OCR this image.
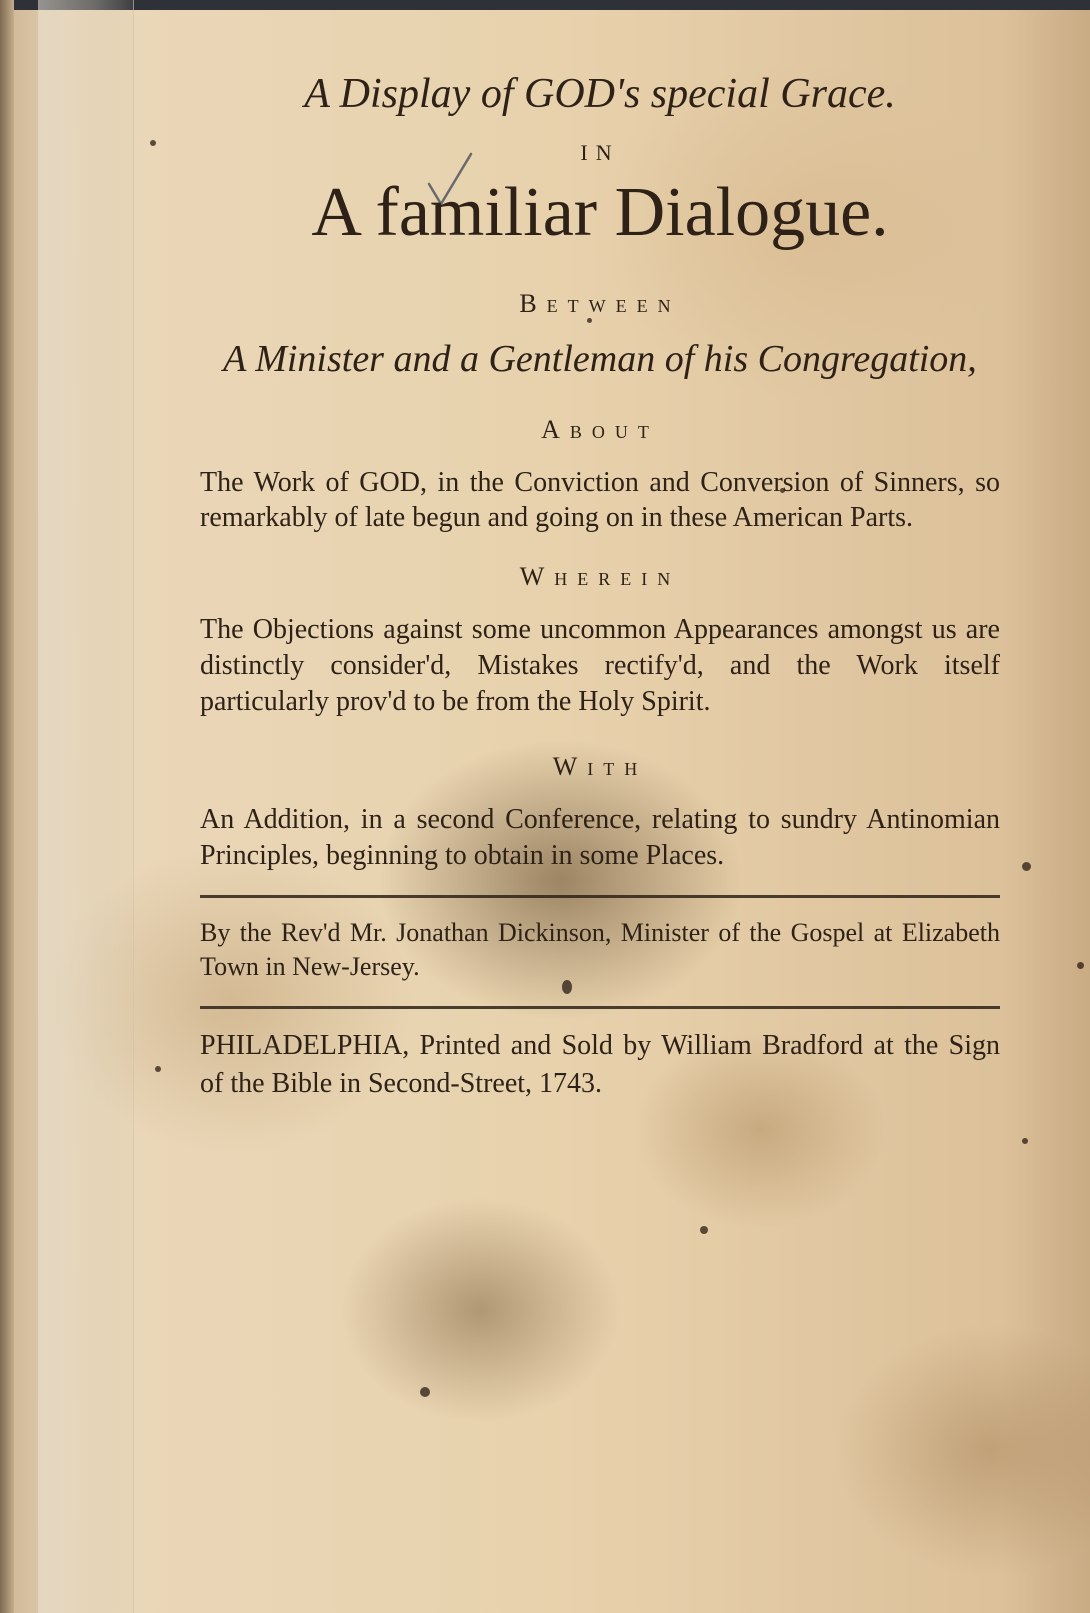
A Display of GOD's special Grace.
IN
A familiar Dialogue.
Between
A Minister and a Gentleman of his Congregation,
About
The Work of GOD, in the Conviction and Conversion of Sinners, so remarkably of late begun and going on in these American Parts.
Wherein
The Objections against some uncommon Appearances amongst us are distinctly consider'd, Mistakes rectify'd, and the Work itself particularly prov'd to be from the Holy Spirit.
With
An Addition, in a second Conference, relating to sundry Antinomian Principles, beginning to obtain in some Places.
By the Rev'd Mr. Jonathan Dickinson, Minister of the Gospel at Elizabeth Town in New-Jersey.
PHILADELPHIA, Printed and Sold by William Bradford at the Sign of the Bible in Second-Street, 1743.
